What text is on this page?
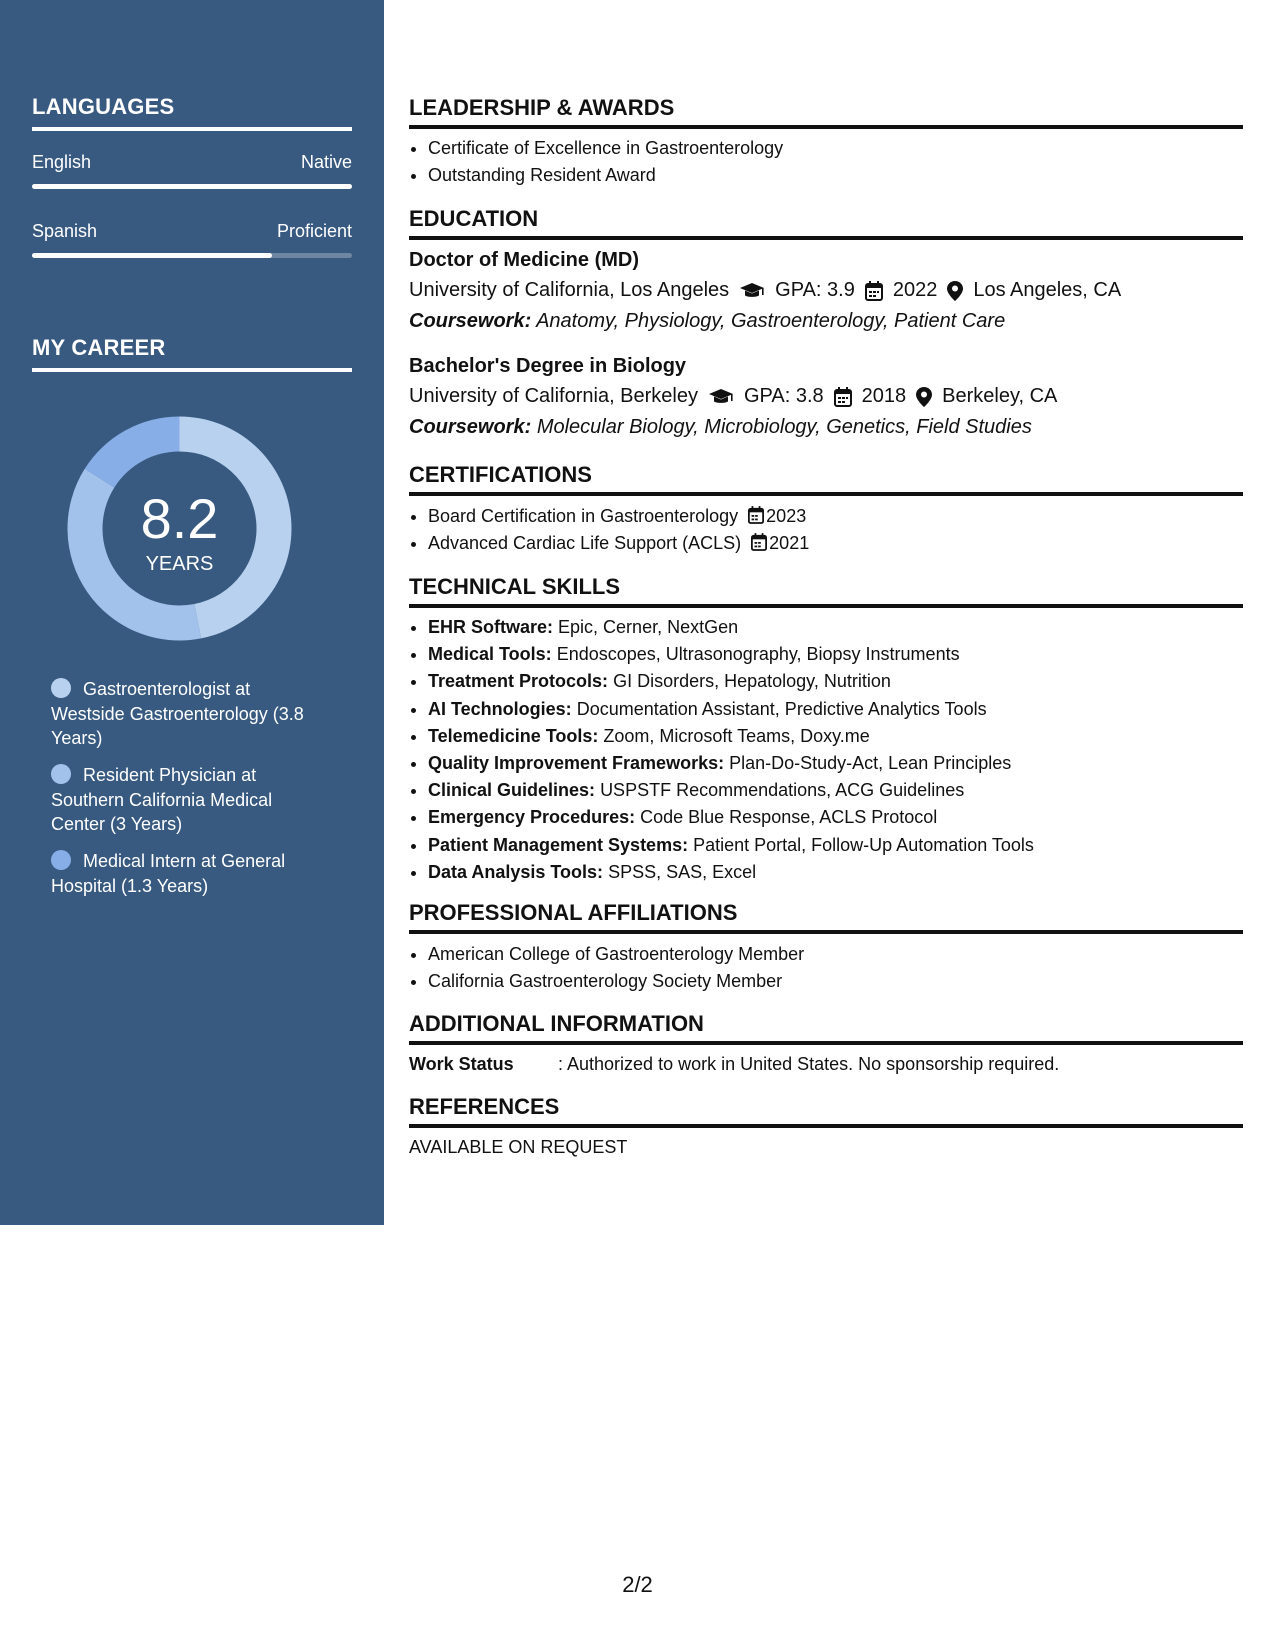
LANGUAGES
English	Native
Spanish	Proficient
MY CAREER
8.2
YEARS
Gastroenterologist at Westside Gastroenterology (3.8 Years)
Resident Physician at Southern California Medical Center (3 Years)
Medical Intern at General Hospital (1.3 Years)
LEADERSHIP & AWARDS
• Certificate of Excellence in Gastroenterology
• Outstanding Resident Award
EDUCATION
Doctor of Medicine (MD)
University of California, Los Angeles GPA: 3.9 2022 Los Angeles, CA
Coursework: Anatomy, Physiology, Gastroenterology, Patient Care
Bachelor's Degree in Biology
University of California, Berkeley GPA: 3.8 2018 Berkeley, CA
Coursework: Molecular Biology, Microbiology, Genetics, Field Studies
CERTIFICATIONS
• Board Certification in Gastroenterology 2023
• Advanced Cardiac Life Support (ACLS) 2021
TECHNICAL SKILLS
• EHR Software: Epic, Cerner, NextGen
• Medical Tools: Endoscopes, Ultrasonography, Biopsy Instruments
• Treatment Protocols: GI Disorders, Hepatology, Nutrition
• AI Technologies: Documentation Assistant, Predictive Analytics Tools
• Telemedicine Tools: Zoom, Microsoft Teams, Doxy.me
• Quality Improvement Frameworks: Plan-Do-Study-Act, Lean Principles
• Clinical Guidelines: USPSTF Recommendations, ACG Guidelines
• Emergency Procedures: Code Blue Response, ACLS Protocol
• Patient Management Systems: Patient Portal, Follow-Up Automation Tools
• Data Analysis Tools: SPSS, SAS, Excel
PROFESSIONAL AFFILIATIONS
• American College of Gastroenterology Member
• California Gastroenterology Society Member
ADDITIONAL INFORMATION
Work Status : Authorized to work in United States. No sponsorship required.
REFERENCES
AVAILABLE ON REQUEST
2/2
